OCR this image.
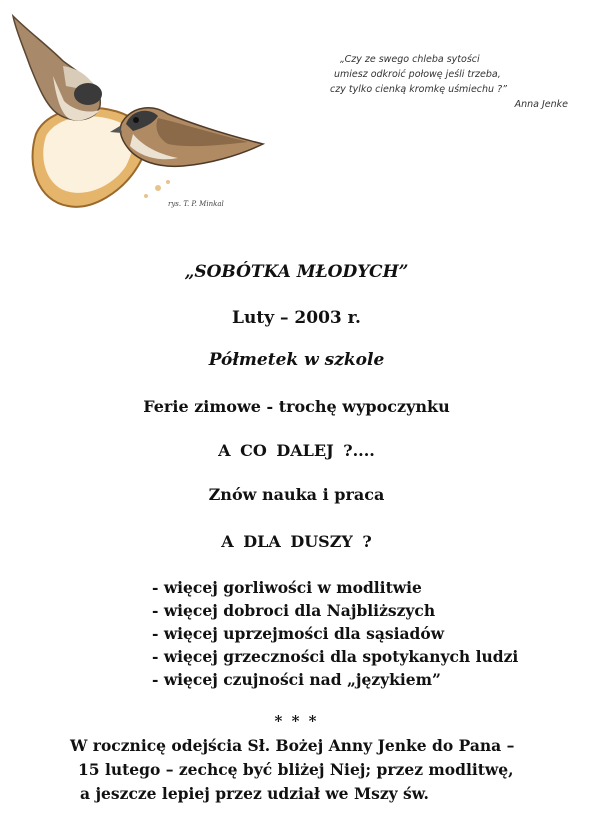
rys. T. P. Minkal
„Czy ze swego chleba sytości
umiesz odkroić połowę jeśli trzeba,
czy tylko cienką kromkę uśmiechu ?”
Anna Jenke
„SOBÓTKA MŁODYCH”
Luty – 2003 r.
Półmetek w szkole
Ferie zimowe - trochę wypoczynku
A CO DALEJ ?....
Znów nauka i praca
A DLA DUSZY ?
- więcej gorliwości w modlitwie
- więcej dobroci dla Najbliższych
- więcej uprzejmości dla sąsiadów
- więcej grzeczności dla spotykanych ludzi
- więcej czujności nad „językiem”
* * *

W rocznicę odejścia Sł. Bożej Anny Jenke do Pana –
15 lutego – zechcę być bliżej Niej; przez modlitwę,
a jeszcze lepiej przez udział we Mszy św.
